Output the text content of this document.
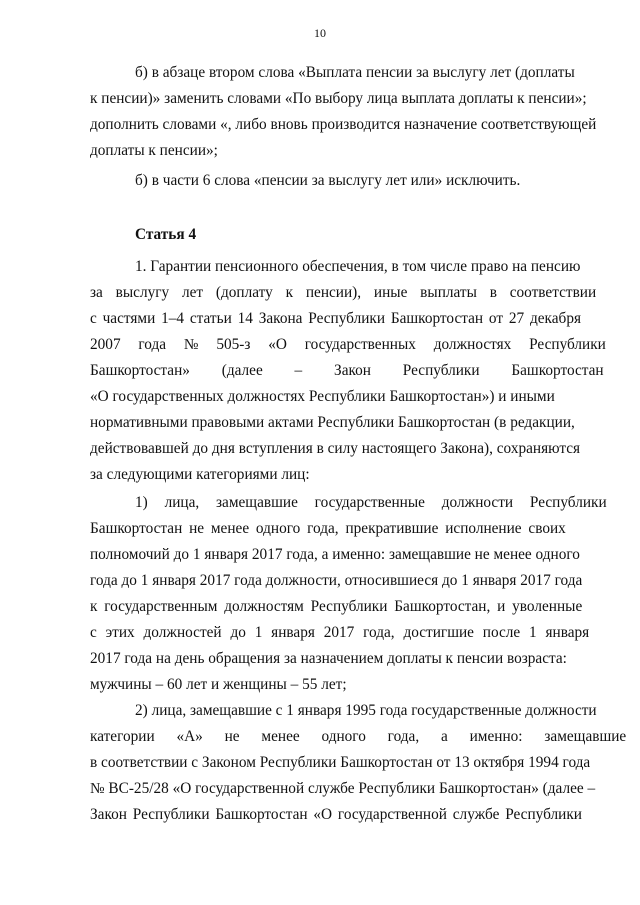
10
б) в абзаце втором слова «Выплата пенсии за выслугу лет (доплаты
к пенсии)» заменить словами «По выбору лица выплата доплаты к пенсии»;
дополнить словами «, либо вновь производится назначение соответствующей
доплаты к пенсии»;
б) в части 6 слова «пенсии за выслугу лет или» исключить.
Статья 4
1. Гарантии пенсионного обеспечения, в том числе право на пенсию
за выслугу лет (доплату к пенсии), иные выплаты в соответствии
с частями 1–4 статьи 14 Закона Республики Башкортостан от 27 декабря
2007 года № 505-з «О государственных должностях Республики
Башкортостан» (далее – Закон Республики Башкортостан
«О государственных должностях Республики Башкортостан») и иными
нормативными правовыми актами Республики Башкортостан (в редакции,
действовавшей до дня вступления в силу настоящего Закона), сохраняются
за следующими категориями лиц:
1) лица, замещавшие государственные должности Республики
Башкортостан не менее одного года, прекратившие исполнение своих
полномочий до 1 января 2017 года, а именно: замещавшие не менее одного
года до 1 января 2017 года должности, относившиеся до 1 января 2017 года
к государственным должностям Республики Башкортостан, и уволенные
с этих должностей до 1 января 2017 года, достигшие после 1 января
2017 года на день обращения за назначением доплаты к пенсии возраста:
мужчины – 60 лет и женщины – 55 лет;
2) лица, замещавшие с 1 января 1995 года государственные должности
категории «А» не менее одного года, а именно: замещавшие
в соответствии с Законом Республики Башкортостан от 13 октября 1994 года
№ ВС-25/28 «О государственной службе Республики Башкортостан» (далее –
Закон Республики Башкортостан «О государственной службе Республики
